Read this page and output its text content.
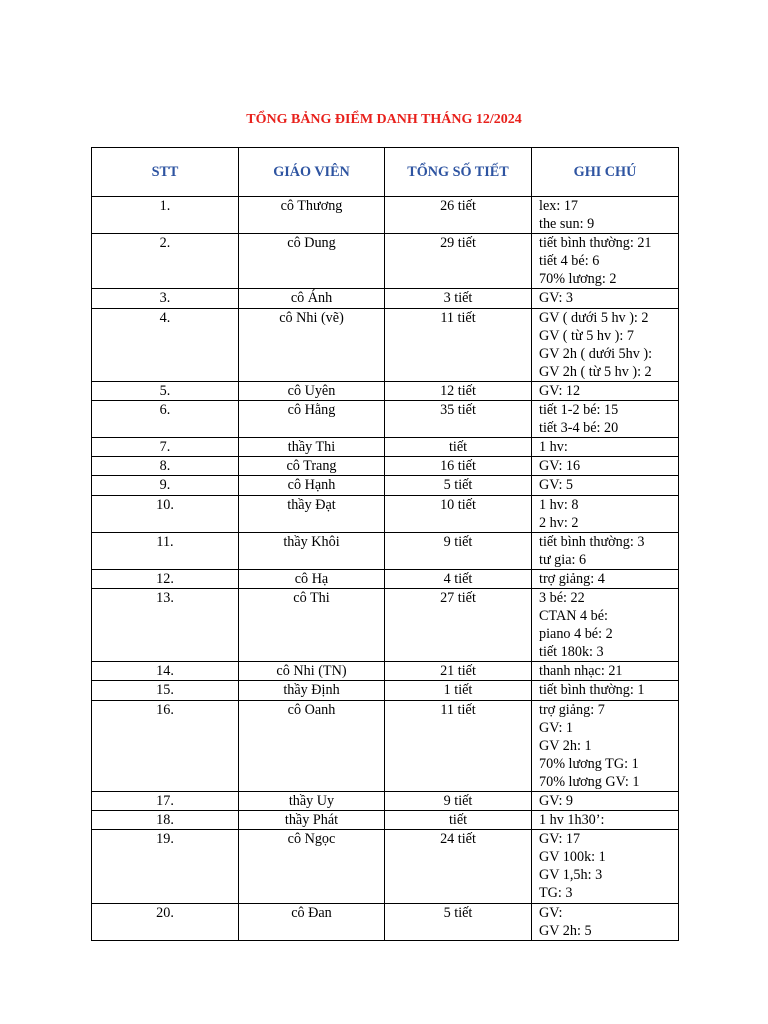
TỔNG BẢNG ĐIỂM DANH THÁNG 12/2024
STT	GIÁO VIÊN	TỔNG SỐ TIẾT	GHI CHÚ
1.	cô Thương	26 tiết	lex: 17
the sun: 9

2.	cô Dung	29 tiết	tiết bình thường: 21
tiết 4 bé: 6
70% lương: 2

3.	cô Ánh	3 tiết	GV: 3

4.	cô Nhi (vẽ)	11 tiết	GV ( dưới 5 hv ): 2
GV ( từ 5 hv ): 7
GV 2h ( dưới 5hv ):
GV 2h ( từ 5 hv ): 2

5.	cô Uyên	12 tiết	GV: 12

6.	cô Hằng	35 tiết	tiết 1-2 bé: 15
tiết 3-4 bé: 20

7.	thầy Thi	tiết	1 hv:

8.	cô Trang	16 tiết	GV: 16

9.	cô Hạnh	5 tiết	GV: 5

10.	thầy Đạt	10 tiết	1 hv: 8
2 hv: 2

11.	thầy Khôi	9 tiết	tiết bình thường: 3
tư gia: 6

12.	cô Hạ	4 tiết	trợ giảng: 4

13.	cô Thi	27 tiết	3 bé: 22
CTAN 4 bé:
piano 4 bé: 2
tiết 180k: 3

14.	cô Nhi (TN)	21 tiết	thanh nhạc: 21

15.	thầy Định	1 tiết	tiết bình thường: 1

16.	cô Oanh	11 tiết	trợ giảng: 7
GV: 1
GV 2h: 1
70% lương TG: 1
70% lương GV: 1

17.	thầy Uy	9 tiết	GV: 9

18.	thầy Phát	tiết	1 hv 1h30’:

19.	cô Ngọc	24 tiết	GV: 17
GV 100k: 1
GV 1,5h: 3
TG: 3

20.	cô Đan	5 tiết	GV:
GV 2h: 5
